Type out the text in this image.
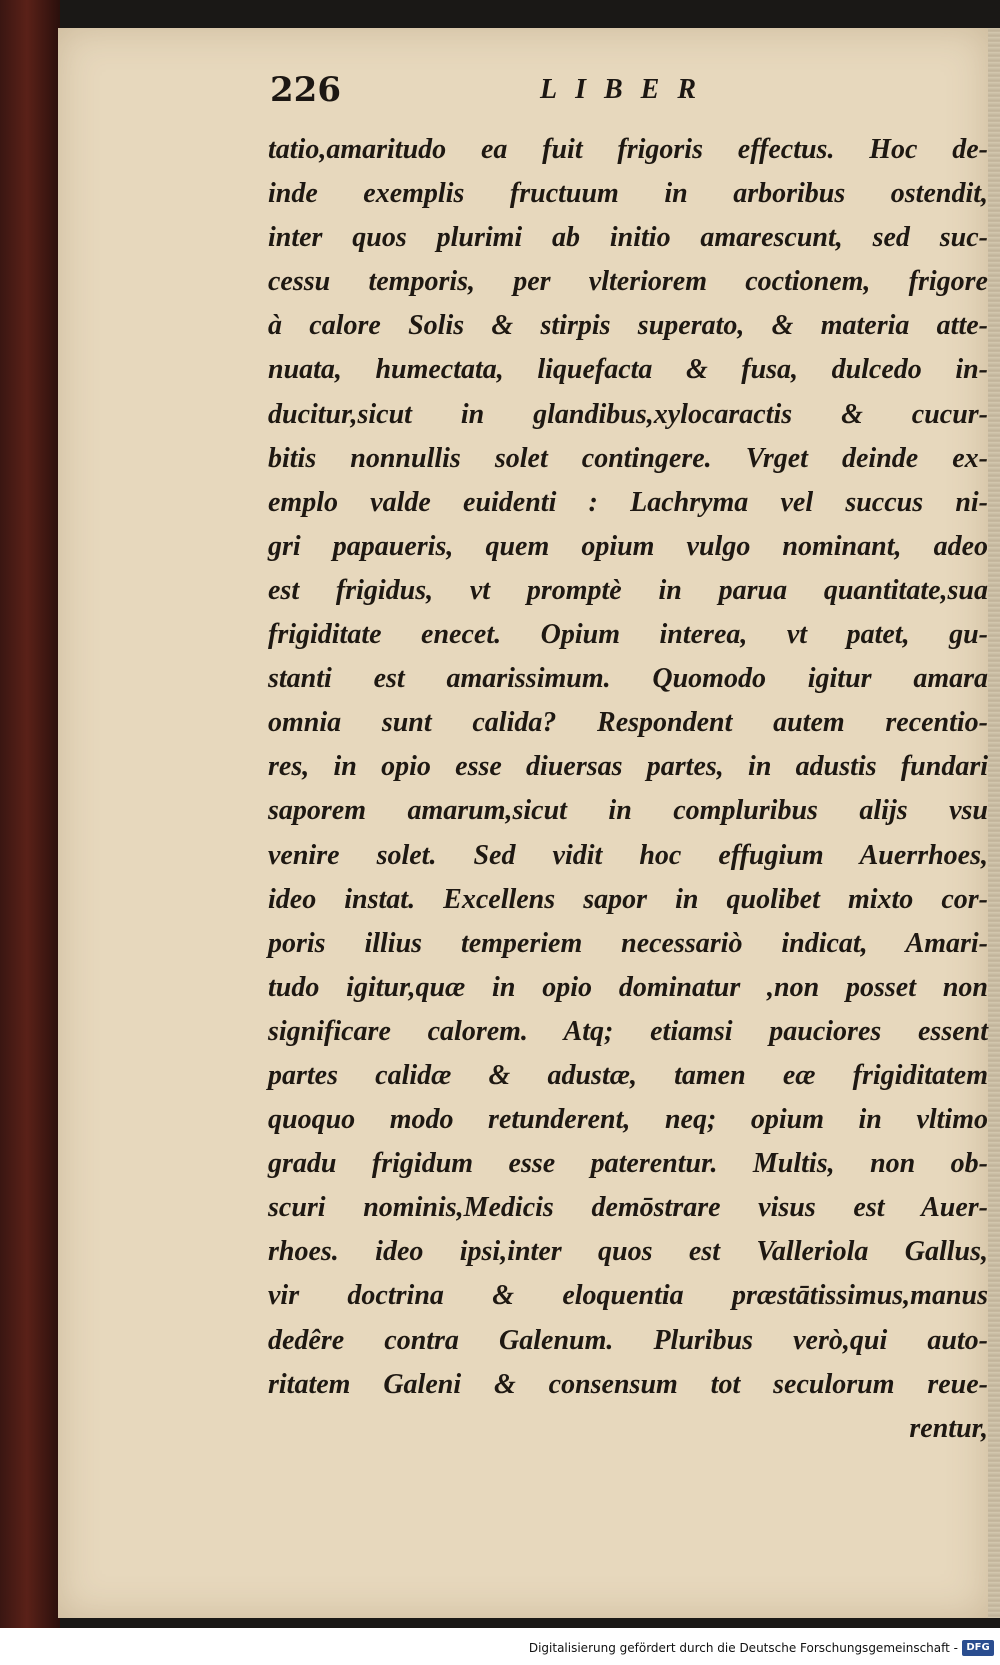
226	LIBER
tatio,amaritudo ea fuit frigoris effectus. Hoc de-
inde exemplis fructuum in arboribus ostendit,
inter quos plurimi ab initio amarescunt, sed suc-
cessu temporis, per vlteriorem coctionem, frigore
à calore Solis & stirpis superato, & materia atte-
nuata, humectata, liquefacta & fusa, dulcedo in-
ducitur,sicut in glandibus,xylocaractis & cucur-
bitis nonnullis solet contingere. Vrget deinde ex-
emplo valde euidenti : Lachryma vel succus ni-
gri papaueris, quem opium vulgo nominant, adeo
est frigidus, vt promptè in parua quantitate,sua
frigiditate enecet. Opium interea, vt patet, gu-
stanti est amarissimum. Quomodo igitur amara
omnia sunt calida? Respondent autem recentio-
res, in opio esse diuersas partes, in adustis fundari
saporem amarum,sicut in compluribus alijs vsu
venire solet. Sed vidit hoc effugium Auerrhoes,
ideo instat. Excellens sapor in quolibet mixto cor-
poris illius temperiem necessariò indicat, Amari-
tudo igitur,quæ in opio dominatur ,non posset non
significare calorem. Atq; etiamsi pauciores essent
partes calidæ & adustæ, tamen eæ frigiditatem
quoquo modo retunderent, neq; opium in vltimo
gradu frigidum esse paterentur. Multis, non ob-
scuri nominis,Medicis demōstrare visus est Auer-
rhoes. ideo ipsi,inter quos est Valleriola Gallus,
vir doctrina & eloquentia præstātissimus,manus
dedêre contra Galenum. Pluribus verò,qui auto-
ritatem Galeni & consensum tot seculorum reue-
rentur,
Digitalisierung gefördert durch die Deutsche Forschungsgemeinschaft - DFG
